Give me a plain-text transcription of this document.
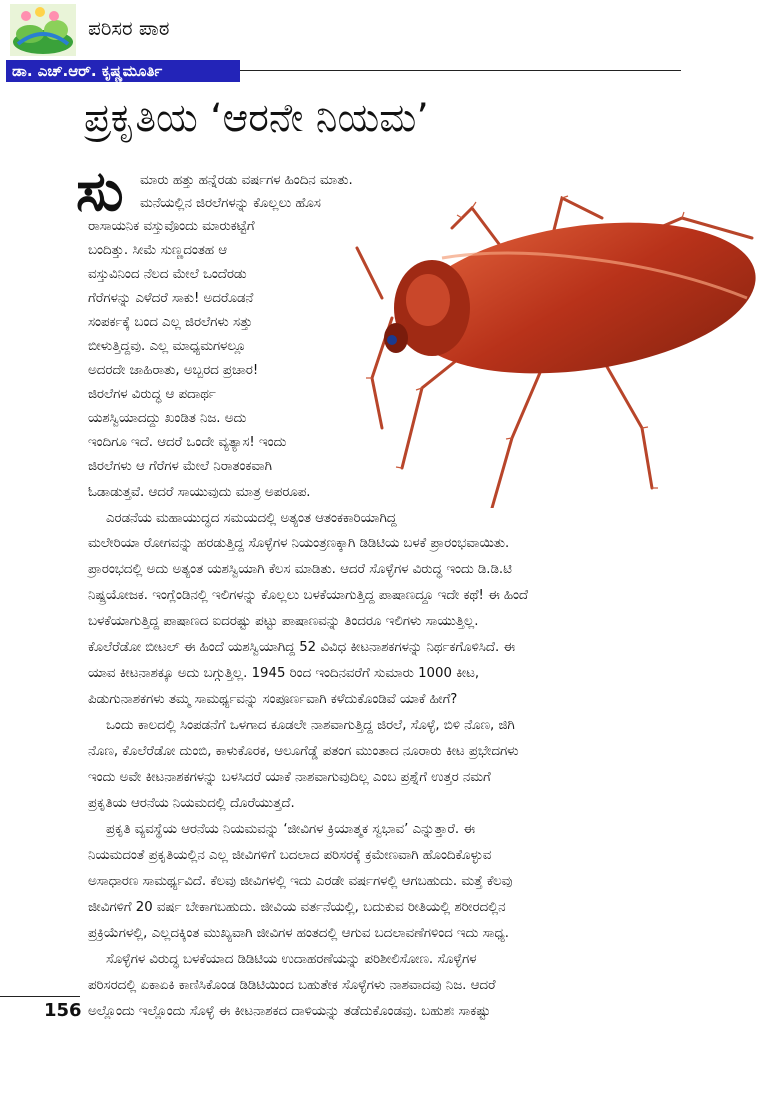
ಪರಿಸರ ಪಾಠ
ಡಾ. ಎಚ್.ಆರ್. ಕೃಷ್ಣಮೂರ್ತಿ
ಪ್ರಕೃತಿಯ ‘ಆರನೇ ನಿಯಮ’
ಸು ಮಾರು ಹತ್ತು ಹನ್ನೆರಡು ವರ್ಷಗಳ ಹಿಂದಿನ ಮಾತು.
ಮನೆಯಲ್ಲಿನ ಜಿರಲೆಗಳನ್ನು ಕೊಲ್ಲಲು ಹೊಸ
ರಾಸಾಯನಿಕ ವಸ್ತುವೊಂದು ಮಾರುಕಟ್ಟೆಗೆ
ಬಂದಿತ್ತು. ಸೀಮೆ ಸುಣ್ಣದಂತಹ ಆ
ವಸ್ತುವಿನಿಂದ ನೆಲದ ಮೇಲೆ ಒಂದೆರಡು
ಗೆರೆಗಳನ್ನು ಎಳೆದರೆ ಸಾಕು! ಅದರೊಡನೆ
ಸಂಪರ್ಕಕ್ಕೆ ಬಂದ ಎಲ್ಲ ಜಿರಲೆಗಳು ಸತ್ತು
ಬೀಳುತ್ತಿದ್ದವು. ಎಲ್ಲ ಮಾಧ್ಯಮಗಳಲ್ಲೂ
ಅದರದೇ ಜಾಹಿರಾತು, ಅಬ್ಬರದ ಪ್ರಚಾರ!
ಜಿರಲೆಗಳ ವಿರುದ್ಧ ಆ ಪದಾರ್ಥ
ಯಶಸ್ವಿಯಾದದ್ದು ಖಂಡಿತ ನಿಜ. ಅದು
ಇಂದಿಗೂ ಇದೆ. ಆದರೆ ಒಂದೇ ವ್ಯತ್ಯಾಸ! ಇಂದು
ಜಿರಲೆಗಳು ಆ ಗೆರೆಗಳ ಮೇಲೆ ನಿರಾತಂಕವಾಗಿ
ಓಡಾಡುತ್ತವೆ. ಆದರೆ ಸಾಯುವುದು ಮಾತ್ರ ಅಪರೂಪ.
ಎರಡನೆಯ ಮಹಾಯುದ್ಧದ ಸಮಯದಲ್ಲಿ ಅತ್ಯಂತ ಆತಂಕಕಾರಿಯಾಗಿದ್ದ
ಮಲೇರಿಯಾ ರೋಗವನ್ನು ಹರಡುತ್ತಿದ್ದ ಸೊಳ್ಳೆಗಳ ನಿಯಂತ್ರಣಕ್ಕಾಗಿ ಡಿಡಿಟಿಯ ಬಳಕೆ ಪ್ರಾರಂಭವಾಯಿತು.
ಪ್ರಾರಂಭದಲ್ಲಿ ಅದು ಅತ್ಯಂತ ಯಶಸ್ವಿಯಾಗಿ ಕೆಲಸ ಮಾಡಿತು. ಆದರೆ ಸೊಳ್ಳೆಗಳ ವಿರುದ್ಧ ಇಂದು ಡಿ.ಡಿ.ಟಿ
ನಿಷ್ಪ್ರಯೋಜಕ. ಇಂಗ್ಲೆಂಡಿನಲ್ಲಿ ಇಲಿಗಳನ್ನು ಕೊಲ್ಲಲು ಬಳಕೆಯಾಗುತ್ತಿದ್ದ ಪಾಷಾಣದ್ದೂ ಇದೇ ಕಥೆ! ಈ ಹಿಂದೆ
ಬಳಕೆಯಾಗುತ್ತಿದ್ದ ಪಾಷಾಣದ ಐದರಷ್ಟು ಪಟ್ಟು ಪಾಷಾಣವನ್ನು ತಿಂದರೂ ಇಲಿಗಳು ಸಾಯುತ್ತಿಲ್ಲ.
ಕೊಲೆರೆಡೋ ಬೀಟಲ್ ಈ ಹಿಂದೆ ಯಶಸ್ವಿಯಾಗಿದ್ದ 52 ವಿವಿಧ ಕೀಟನಾಶಕಗಳನ್ನು ನಿರ್ಥಕಗೊಳಿಸಿದೆ. ಈ
ಯಾವ ಕೀಟನಾಶಕ್ಕೂ ಅದು ಬಗ್ಗುತ್ತಿಲ್ಲ. 1945 ರಿಂದ ಇಂದಿನವರೆಗೆ ಸುಮಾರು 1000 ಕೀಟ,
ಪಿಡುಗುನಾಶಕಗಳು ತಮ್ಮ ಸಾಮರ್ಥ್ಯವನ್ನು ಸಂಪೂರ್ಣವಾಗಿ ಕಳೆದುಕೊಂಡಿವೆ ಯಾಕೆ ಹೀಗೆ?
ಒಂದು ಕಾಲದಲ್ಲಿ ಸಿಂಪಡನೆಗೆ ಒಳಗಾದ ಕೂಡಲೇ ನಾಶವಾಗುತ್ತಿದ್ದ ಜಿರಲೆ, ಸೊಳ್ಳೆ, ಬಿಳಿ ನೊಣ, ಜಿಗಿ
ನೊಣ, ಕೊಲೆರೆಡೋ ದುಂಬಿ, ಕಾಳುಕೊರಕ, ಆಲೂಗೆಡ್ಡೆ ಪತಂಗ ಮುಂತಾದ ನೂರಾರು ಕೀಟ ಪ್ರಭೇದಗಳು
ಇಂದು ಅವೇ ಕೀಟನಾಶಕಗಳನ್ನು ಬಳಸಿದರೆ ಯಾಕೆ ನಾಶವಾಗುವುದಿಲ್ಲ ಎಂಬ ಪ್ರಶ್ನೆಗೆ ಉತ್ತರ ನಮಗೆ
ಪ್ರಕೃತಿಯ ಆರನೆಯ ನಿಯಮದಲ್ಲಿ ದೊರೆಯುತ್ತದೆ.
ಪ್ರಕೃತಿ ವ್ಯವಸ್ಥೆಯ ಆರನೆಯ ನಿಯಮವನ್ನು ‘ಜೀವಿಗಳ ಕ್ರಿಯಾತ್ಮಕ ಸ್ವಭಾವ’ ಎನ್ನುತ್ತಾರೆ. ಈ
ನಿಯಮದಂತೆ ಪ್ರಕೃತಿಯಲ್ಲಿನ ಎಲ್ಲ ಜೀವಿಗಳಿಗೆ ಬದಲಾದ ಪರಿಸರಕ್ಕೆ ಕ್ರಮೇಣವಾಗಿ ಹೊಂದಿಕೊಳ್ಳುವ
ಅಸಾಧಾರಣ ಸಾಮರ್ಥ್ಯವಿದೆ. ಕೆಲವು ಜೀವಿಗಳಲ್ಲಿ ಇದು ಎರಡೇ ವರ್ಷಗಳಲ್ಲಿ ಆಗಬಹುದು. ಮತ್ತೆ ಕೆಲವು
ಜೀವಿಗಳಿಗೆ 20 ವರ್ಷ ಬೇಕಾಗಬಹುದು. ಜೀವಿಯ ವರ್ತನೆಯಲ್ಲಿ, ಬದುಕುವ ರೀತಿಯಲ್ಲಿ ಶರೀರದಲ್ಲಿನ
ಪ್ರಕ್ರಿಯೆಗಳಲ್ಲಿ, ಎಲ್ಲದಕ್ಕಿಂತ ಮುಖ್ಯವಾಗಿ ಜೀವಿಗಳ ಹಂತದಲ್ಲಿ ಆಗುವ ಬದಲಾವಣೆಗಳಿಂದ ಇದು ಸಾಧ್ಯ.
ಸೊಳ್ಳೆಗಳ ವಿರುದ್ಧ ಬಳಕೆಯಾದ ಡಿಡಿಟಿಯ ಉದಾಹರಣೆಯನ್ನು ಪರಿಶೀಲಿಸೋಣ. ಸೊಳ್ಳೆಗಳ
ಪರಿಸರದಲ್ಲಿ ಏಕಾಏಕಿ ಕಾಣಿಸಿಕೊಂಡ ಡಿಡಿಟಿಯಿಂದ ಬಹುತೇಕ ಸೊಳ್ಳೆಗಳು ನಾಶವಾದವು ನಿಜ. ಆದರೆ
ಅಲ್ಲೊಂದು ಇಲ್ಲೊಂದು ಸೊಳ್ಳೆ ಈ ಕೀಟನಾಶಕದ ದಾಳಿಯನ್ನು ತಡೆದುಕೊಂಡವು. ಬಹುಶಃ ಸಾಕಷ್ಟು
156
